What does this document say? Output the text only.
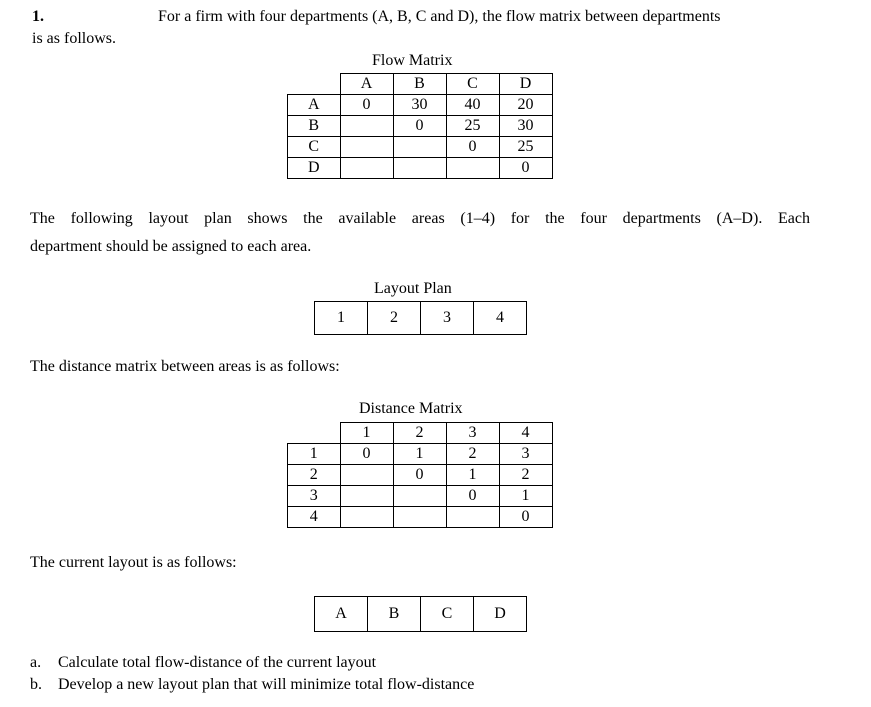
1.	For a firm with four departments (A, B, C and D), the flow matrix between departments
is as follows.
Flow Matrix
	A	B	C	D
A	0	30	40	20
B		0	25	30
C			0	25
D				0
The following layout plan shows the available areas (1–4) for the four departments (A–D). Each
department should be assigned to each area.
Layout Plan
1	2	3	4
The distance matrix between areas is as follows:
Distance Matrix
	1	2	3	4
1	0	1	2	3
2		0	1	2
3			0	1
4				0
The current layout is as follows:
A	B	C	D
a. Calculate total flow-distance of the current layout
b. Develop a new layout plan that will minimize total flow-distance
